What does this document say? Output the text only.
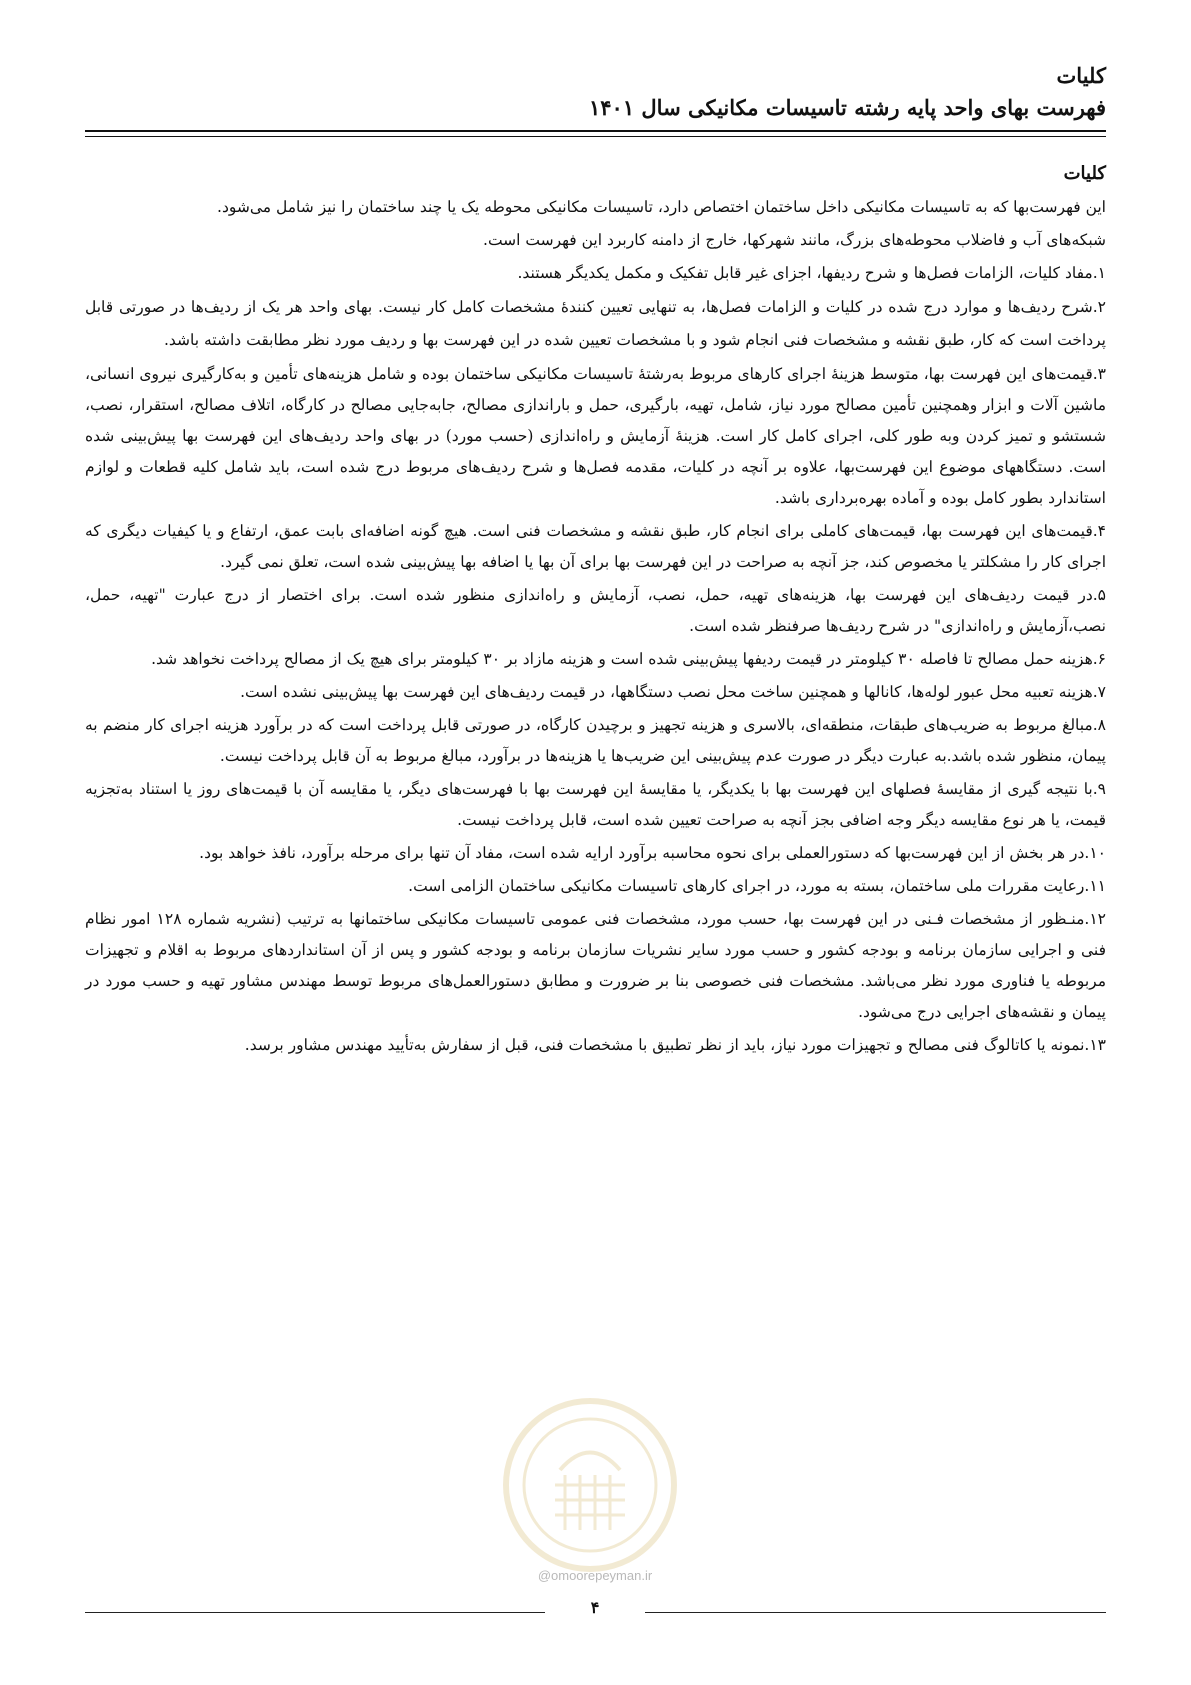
کلیات
فهرست بهای واحد پایه رشته تاسیسات مکانیکی سال ۱۴۰۱
کلیات

این فهرست‌بها که به تاسیسات مکانیکی داخل ساختمان اختصاص دارد، تاسیسات مکانیکی محوطه یک یا چند ساختمان را نیز شامل می‌شود.

شبکه‌های آب و فاضلاب محوطه‌های بزرگ، مانند شهرکها، خارج از دامنه کاربرد این فهرست است.

۱.مفاد کلیات، الزامات فصل‌ها و شرح ردیفها، اجزای غیر قابل تفکیک و مکمل یکدیگر هستند.

۲.شرح ردیف‌ها و موارد درج شده در کلیات و الزامات فصل‌ها، به تنهایی تعیین کنندهٔ مشخصات کامل کار نیست. بهای واحد هر یک از ردیف‌ها در صورتی قابل پرداخت است که کار، طبق نقشه و مشخصات فنی انجام شود و با مشخصات تعیین شده در این فهرست بها و ردیف مورد نظر مطابقت داشته باشد.

۳.قیمت‌های این فهرست بها، متوسط هزینهٔ اجرای کارهای مربوط به‌رشتهٔ تاسیسات مکانیکی ساختمان بوده و شامل هزینه‌های تأمین و به‌کارگیری نیروی انسانی، ماشین آلات و ابزار وهمچنین تأمین مصالح مورد نیاز، شامل، تهیه، بارگیری، حمل و باراندازی مصالح، جابه‌جایی مصالح در کارگاه، اتلاف مصالح، استقرار، نصب، شستشو و تمیز کردن وبه طور کلی، اجرای کامل کار است. هزینهٔ آزمایش و راه‌اندازی (حسب مورد) در بهای واحد ردیف‌های این فهرست بها پیش‌بینی شده است. دستگاههای موضوع این فهرست‌بها، علاوه بر آنچه در کلیات، مقدمه فصل‌ها و شرح ردیف‌های مربوط درج شده است، باید شامل کلیه قطعات و لوازم استاندارد بطور کامل بوده و آماده بهره‌برداری باشد.

۴.قیمت‌های این فهرست بها، قیمت‌های کاملی برای انجام کار، طبق نقشه و مشخصات فنی است. هیچ گونه اضافه‌ای بابت عمق، ارتفاع و یا کیفیات دیگری که اجرای کار را مشکلتر یا مخصوص کند، جز آنچه به صراحت در این فهرست بها برای آن بها یا اضافه بها پیش‌بینی شده است، تعلق نمی گیرد.

۵.در قیمت ردیف‌های این فهرست بها، هزینه‌های تهیه، حمل، نصب، آزمایش و راه‌اندازی منظور شده است. برای اختصار از درج عبارت "تهیه، حمل، نصب،آزمایش و راه‌اندازی" در شرح ردیف‌ها صرفنظر شده است.

۶.هزینه حمل مصالح تا فاصله ۳۰ کیلومتر در قیمت ردیفها پیش‌بینی شده است و هزینه مازاد بر ۳۰ کیلومتر برای هیچ یک از مصالح پرداخت نخواهد شد.

۷.هزینه تعبیه محل عبور لوله‌ها، کانالها و همچنین ساخت محل نصب دستگاهها، در قیمت ردیف‌های این فهرست بها پیش‌بینی نشده است.

۸.مبالغ مربوط به ضریب‌های طبقات، منطقه‌ای، بالاسری و هزینه تجهیز و برچیدن کارگاه، در صورتی قابل پرداخت است که در برآورد هزینه اجرای کار منضم به پیمان، منظور شده باشد.به عبارت دیگر در صورت عدم پیش‌بینی این ضریب‌ها یا هزینه‌ها در برآورد، مبالغ مربوط به آن قابل پرداخت نیست.

۹.با نتیجه گیری از مقایسهٔ فصلهای این فهرست بها با یکدیگر، یا مقایسهٔ این فهرست بها با فهرست‌های دیگر، یا مقایسه آن با قیمت‌های روز یا استناد به‌تجزیه قیمت، یا هر نوع مقایسه دیگر وجه اضافی بجز آنچه به صراحت تعیین شده است، قابل پرداخت نیست.

۱۰.در هر بخش از این فهرست‌بها که دستورالعملی برای نحوه محاسبه برآورد ارایه شده است، مفاد آن تنها برای مرحله برآورد، نافذ خواهد بود.

۱۱.رعایت مقررات ملی ساختمان، بسته به مورد، در اجرای کارهای تاسیسات مکانیکی ساختمان الزامی است.

۱۲.منـظور از مشخصات فـنی در این فهرست بها، حسب مورد، مشخصات فنی عمومی تاسیسات مکانیکی ساختمانها به ترتیب (نشریه شماره ۱۲۸ امور نظام فنی و اجرایی سازمان برنامه و بودجه کشور و حسب مورد سایر نشریات سازمان برنامه و بودجه کشور و پس از آن استانداردهای مربوط به اقلام و تجهیزات مربوطه یا فناوری مورد نظر می‌باشد. مشخصات فنی خصوصی بنا بر ضرورت و مطابق دستورالعمل‌های مربوط توسط مهندس مشاور تهیه و حسب مورد در پیمان و نقشه‌های اجرایی درج می‌شود.

۱۳.نمونه یا کاتالوگ فنی مصالح و تجهیزات مورد نیاز، باید از نظر تطبیق با مشخصات فنی، قبل از سفارش به‌تأیید مهندس مشاور برسد.

@omoorepeyman.ir
۴
